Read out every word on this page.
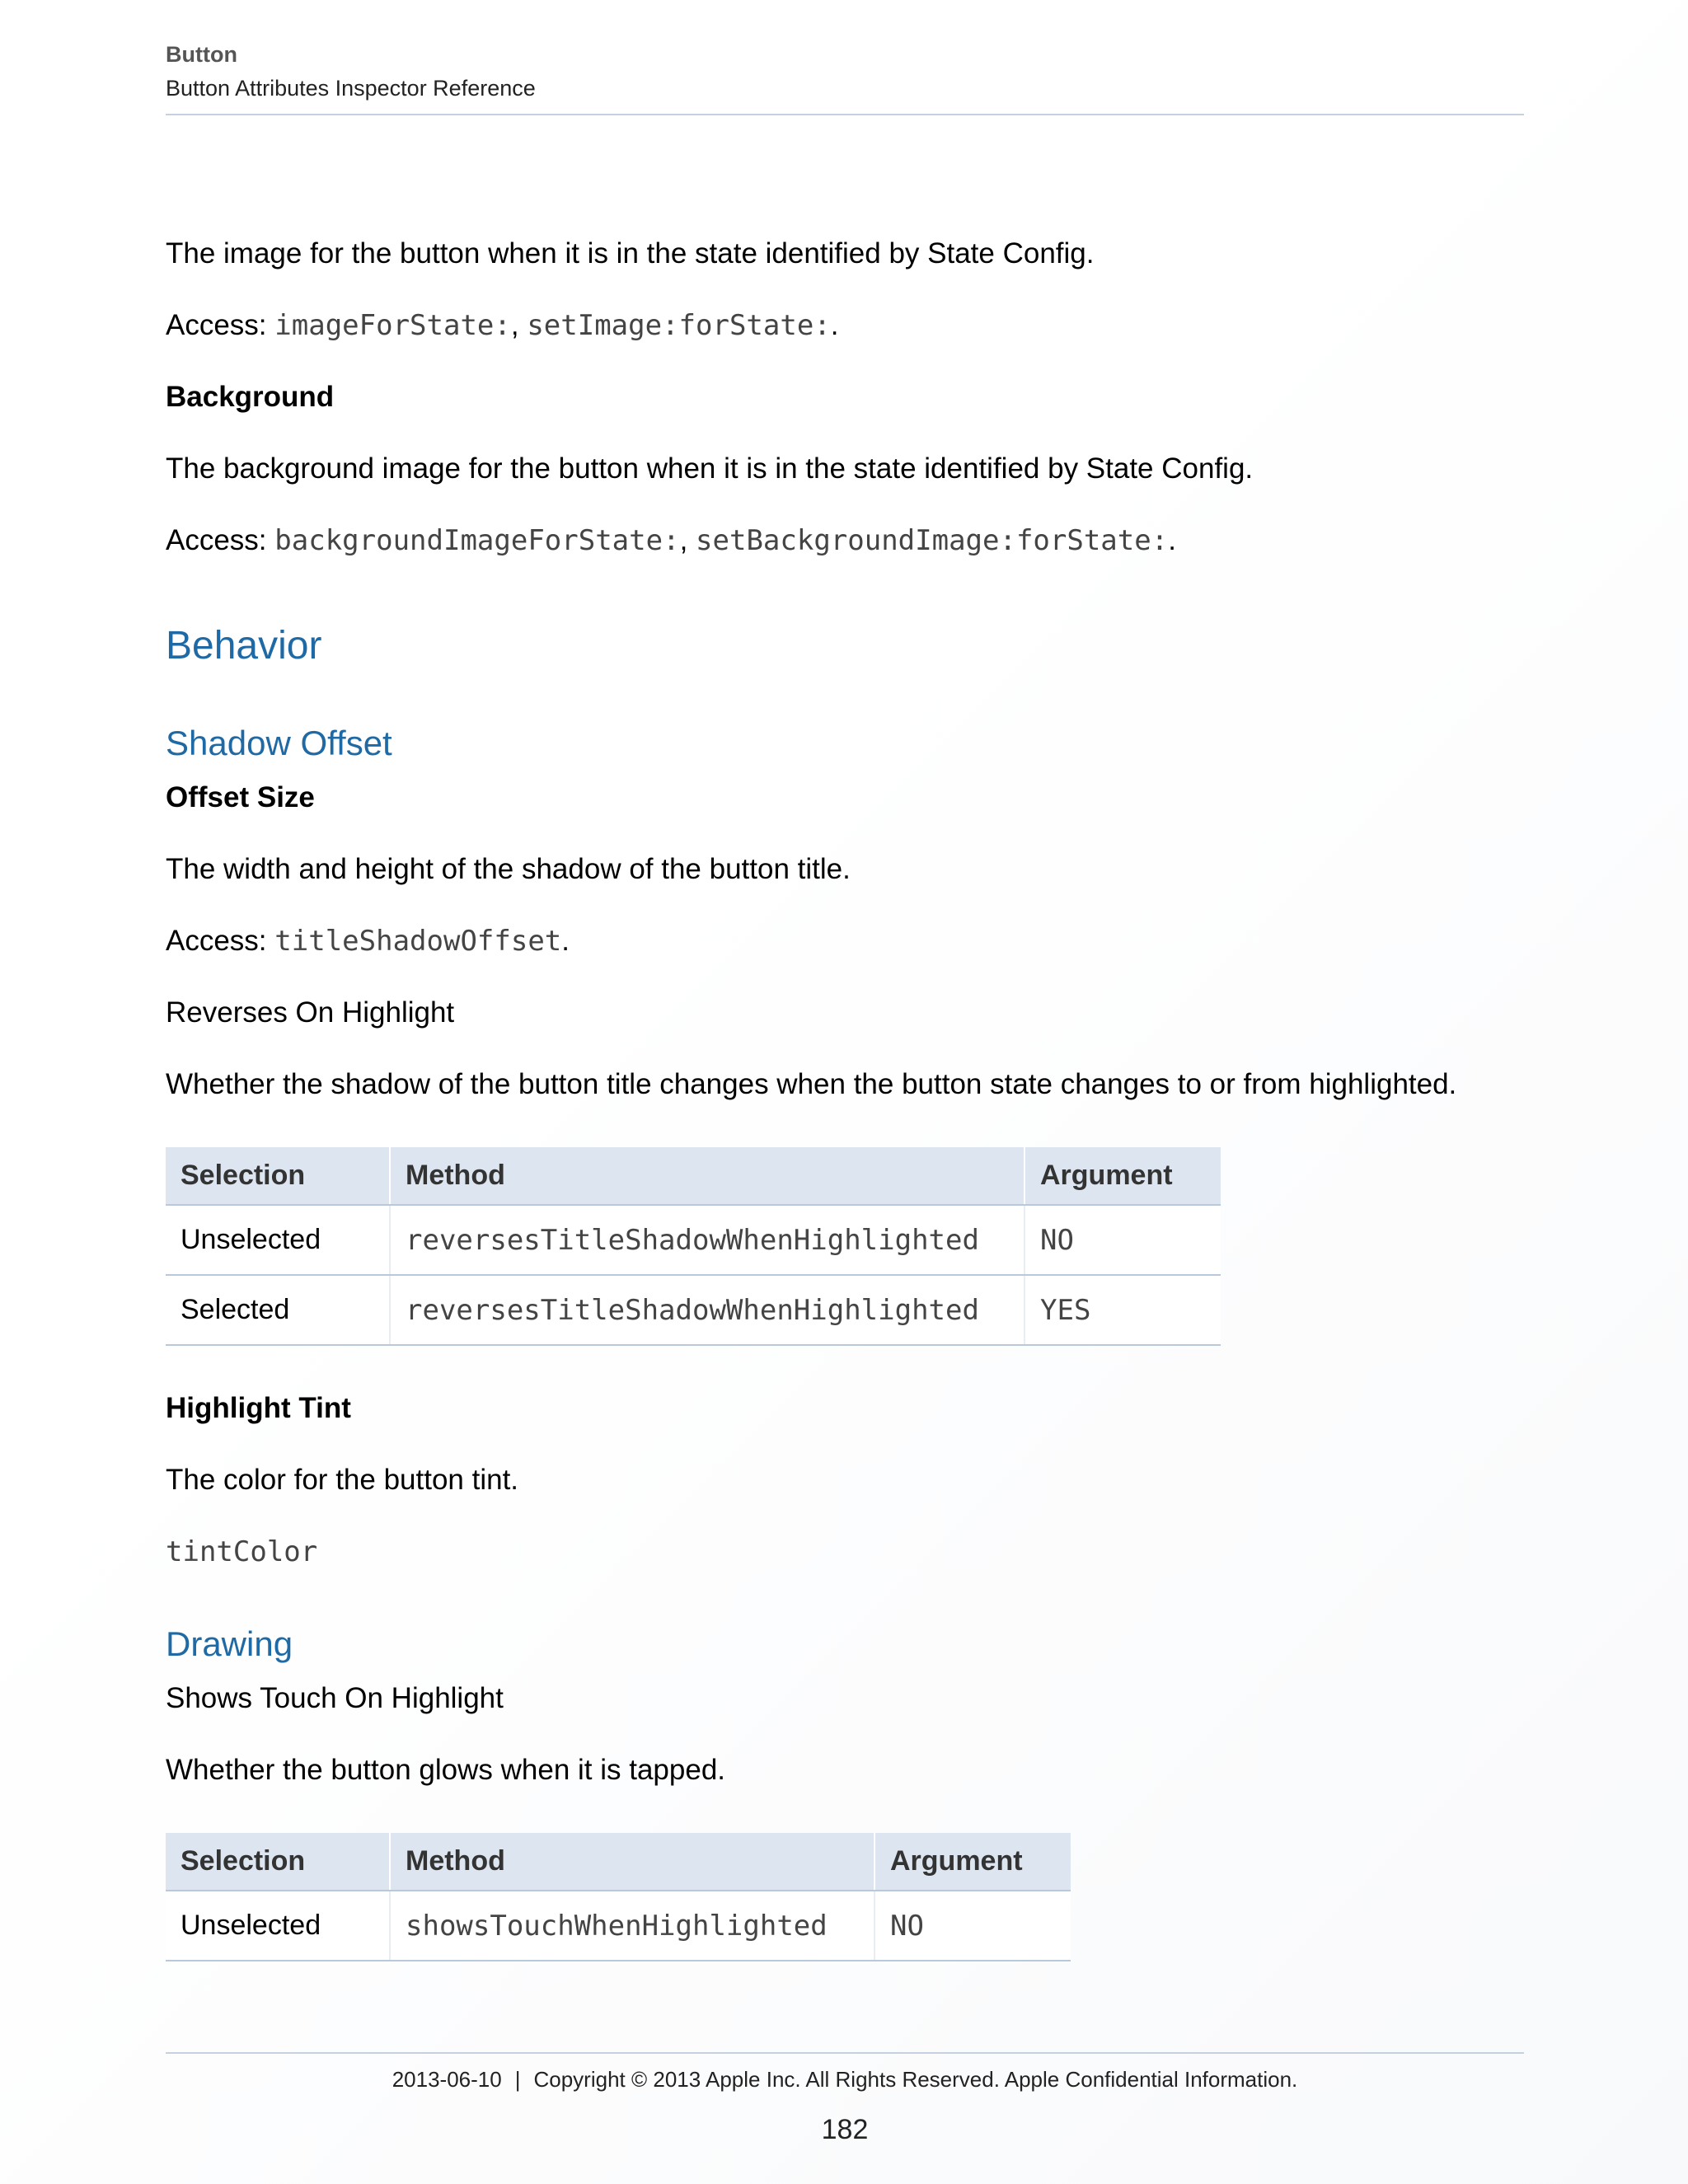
Button
Button Attributes Inspector Reference
The image for the button when it is in the state identified by State Config.
Access: imageForState:, setImage:forState:.
Background
The background image for the button when it is in the state identified by State Config.
Access: backgroundImageForState:, setBackgroundImage:forState:.
Behavior
Shadow Offset
Offset Size
The width and height of the shadow of the button title.
Access: titleShadowOffset.
Reverses On Highlight
Whether the shadow of the button title changes when the button state changes to or from highlighted.
Selection	Method	Argument
Unselected	reversesTitleShadowWhenHighlighted	NO
Selected	reversesTitleShadowWhenHighlighted	YES
Highlight Tint
The color for the button tint.
tintColor
Drawing
Shows Touch On Highlight
Whether the button glows when it is tapped.
Selection	Method	Argument
Unselected	showsTouchWhenHighlighted	NO
2013-06-10 | Copyright © 2013 Apple Inc. All Rights Reserved. Apple Confidential Information.
182
